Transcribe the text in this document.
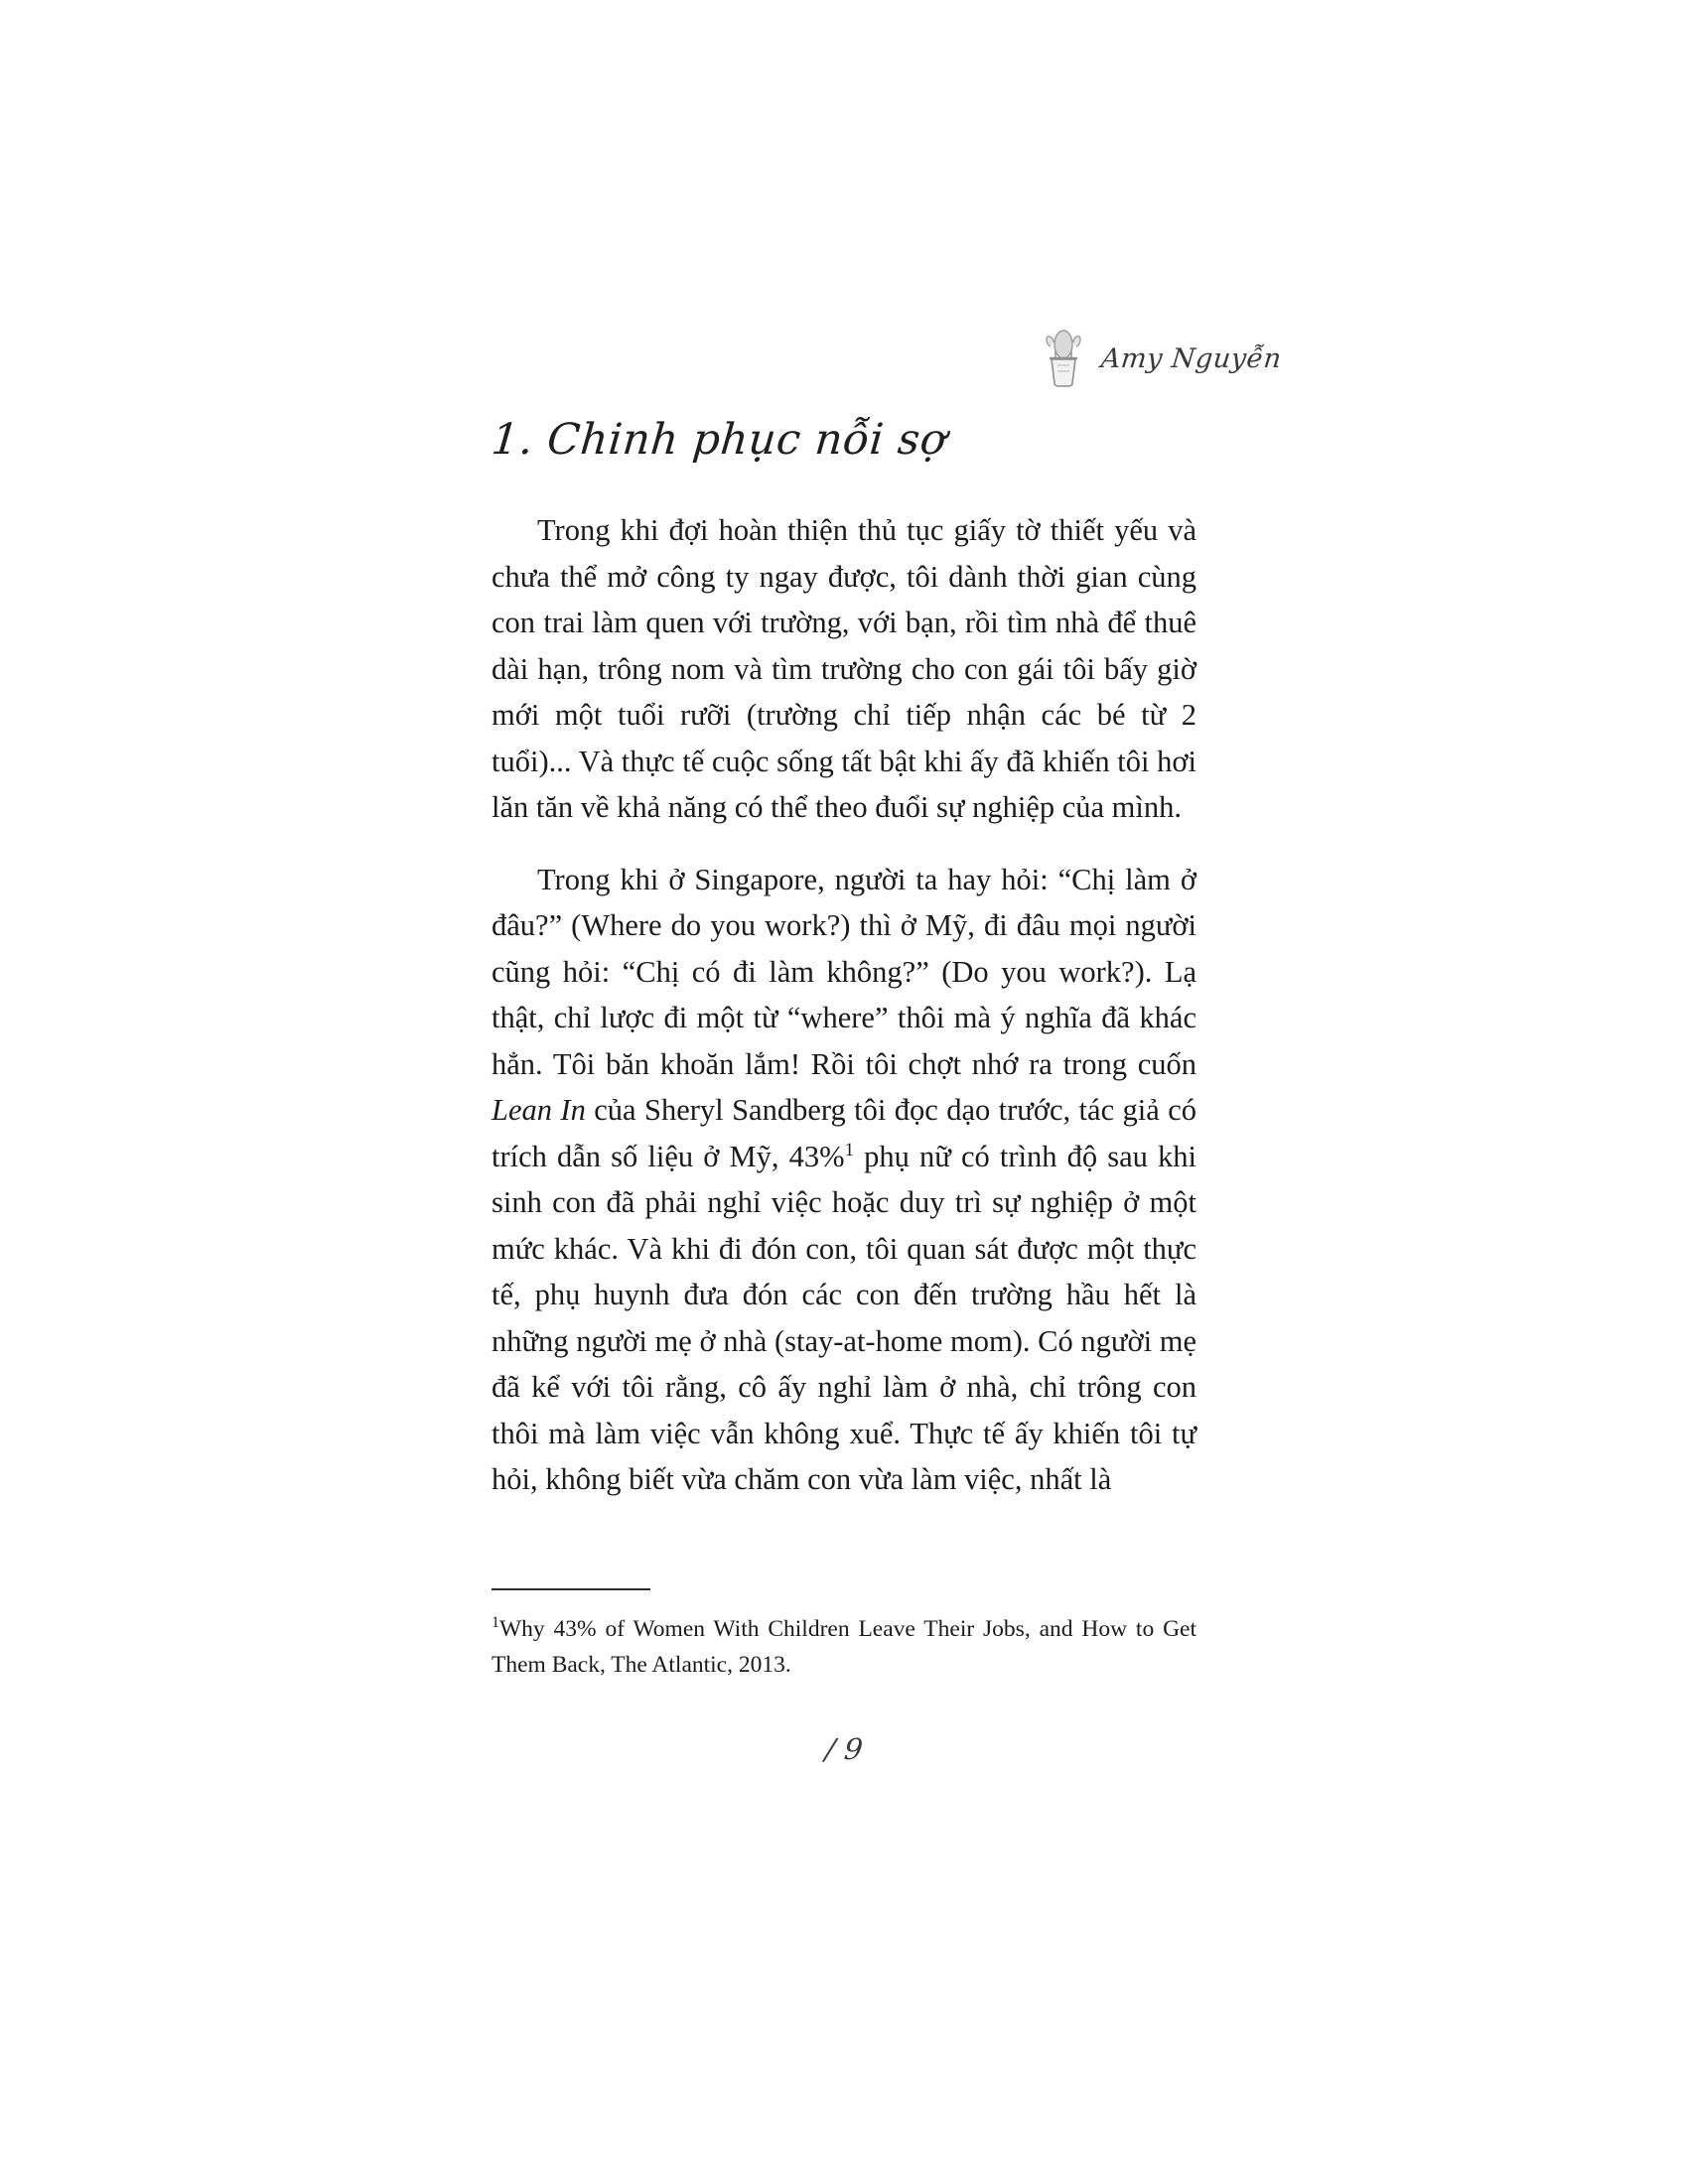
Amy Nguyễn
1. Chinh phục nỗi sợ

Trong khi đợi hoàn thiện thủ tục giấy tờ thiết yếu và chưa thể mở công ty ngay được, tôi dành thời gian cùng con trai làm quen với trường, với bạn, rồi tìm nhà để thuê dài hạn, trông nom và tìm trường cho con gái tôi bấy giờ mới một tuổi rưỡi (trường chỉ tiếp nhận các bé từ 2 tuổi)... Và thực tế cuộc sống tất bật khi ấy đã khiến tôi hơi lăn tăn về khả năng có thể theo đuổi sự nghiệp của mình.

Trong khi ở Singapore, người ta hay hỏi: “Chị làm ở đâu?” (Where do you work?) thì ở Mỹ, đi đâu mọi người cũng hỏi: “Chị có đi làm không?” (Do you work?). Lạ thật, chỉ lược đi một từ “where” thôi mà ý nghĩa đã khác hẳn. Tôi băn khoăn lắm! Rồi tôi chợt nhớ ra trong cuốn Lean In của Sheryl Sandberg tôi đọc dạo trước, tác giả có trích dẫn số liệu ở Mỹ, 43%$^1$ phụ nữ có trình độ sau khi sinh con đã phải nghỉ việc hoặc duy trì sự nghiệp ở một mức khác. Và khi đi đón con, tôi quan sát được một thực tế, phụ huynh đưa đón các con đến trường hầu hết là những người mẹ ở nhà (stay-at-home mom). Có người mẹ đã kể với tôi rằng, cô ấy nghỉ làm ở nhà, chỉ trông con thôi mà làm việc vẫn không xuể. Thực tế ấy khiến tôi tự hỏi, không biết vừa chăm con vừa làm việc, nhất là

$^1$Why 43% of Women With Children Leave Their Jobs, and How to Get Them Back, The Atlantic, 2013.

/ 9
